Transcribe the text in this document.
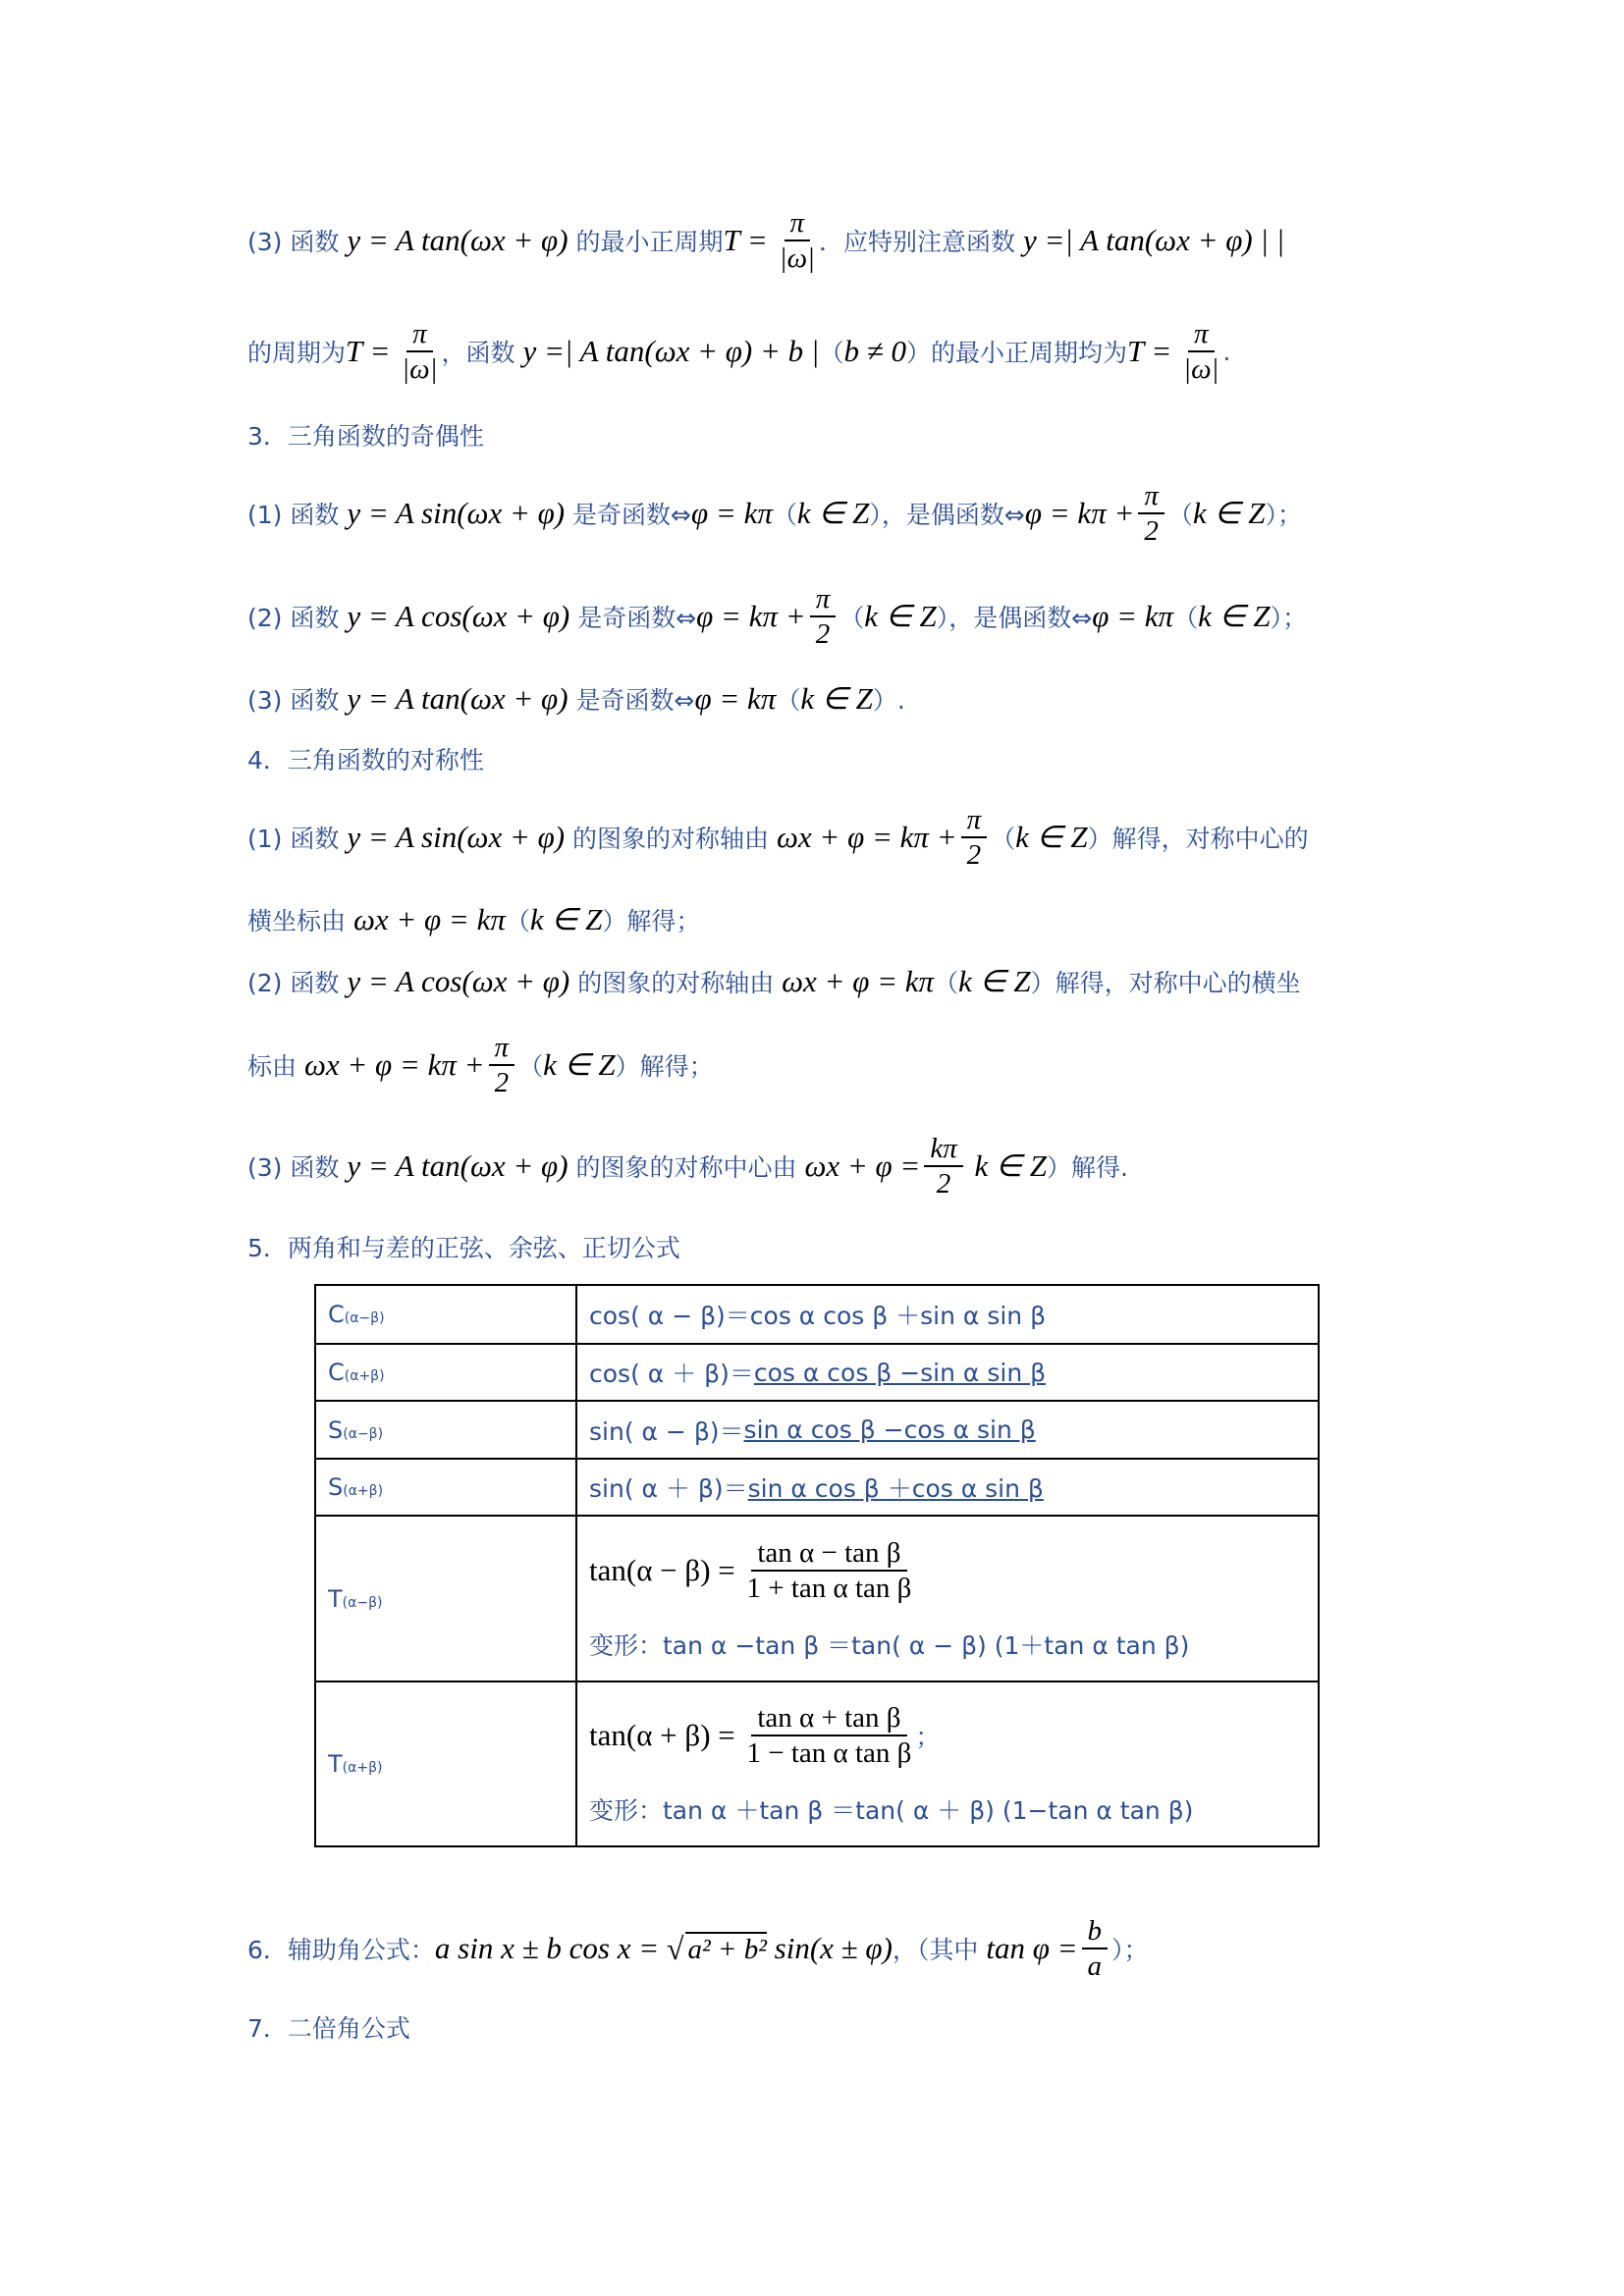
(3) 函数 y = A tan(ωx + φ) 的最小正周期 $T = \frac{\pi}{|\omega|}$ ．应特别注意函数 y =| A tan(ωx + φ) | |
的周期为 $T = \frac{\pi}{|\omega|}$ ，函数 y =| A tan(ωx + φ) + b | （ b ≠ 0 ）的最小正周期均为 $T = \frac{\pi}{|\omega|}$ .
3．三角函数的奇偶性
(1) 函数 y = A sin(ωx + φ) 是奇函数⇔ φ = kπ （ k ∈ Z ），是偶函数⇔ $\varphi = k\pi + \frac{\pi}{2}$ （ k ∈ Z ）；
(2) 函数 y = A cos(ωx + φ) 是奇函数⇔ $\varphi = k\pi + \frac{\pi}{2}$ （ k ∈ Z ），是偶函数⇔ φ = kπ （ k ∈ Z ）；
(3) 函数 y = A tan(ωx + φ) 是奇函数⇔ φ = kπ （ k ∈ Z ）.
4．三角函数的对称性
(1) 函数 y = A sin(ωx + φ) 的图象的对称轴由 $\omega x + \varphi = k\pi + \frac{\pi}{2}$ （ k ∈ Z ）解得，对称中心的
横坐标由 ωx + φ = kπ （ k ∈ Z ）解得；
(2) 函数 y = A cos(ωx + φ) 的图象的对称轴由 ωx + φ = kπ （ k ∈ Z ）解得，对称中心的横坐
标由 $\omega x + \varphi = k\pi + \frac{\pi}{2}$ （ k ∈ Z ）解得；
(3) 函数 y = A tan(ωx + φ) 的图象的对称中心由 $\omega x + \varphi = \frac{k\pi}{2}$ k ∈ Z ）解得.
5．两角和与差的正弦、余弦、正切公式
6．辅助角公式： a sin x ± b cos x = √ a² + b² sin(x ± φ) ，（其中 $\tan \varphi = \frac{b}{a}$ ）；
7．二倍角公式
C(α−β)	cos( α − β)＝ cos α cos β ＋sin α sin β

C(α+β)	cos( α ＋ β)＝ cos α cos β −sin α sin β

S(α−β)	sin( α − β)＝ sin α cos β −cos α sin β

S(α+β)	sin( α ＋ β)＝ sin α cos β ＋cos α sin β

T(α−β)	$\tan(\alpha - \beta) = \frac{\text{tan α − tan β}}{\text{1 + tan α tan β}}$
变形：tan α −tan β ＝tan( α − β) (1＋tan α tan β)

T(α+β)	$\tan(\alpha + \beta) = \frac{\text{tan α + tan β}}{\text{1 − tan α tan β}}$ ；
变形：tan α ＋tan β ＝tan( α ＋ β) (1−tan α tan β)
